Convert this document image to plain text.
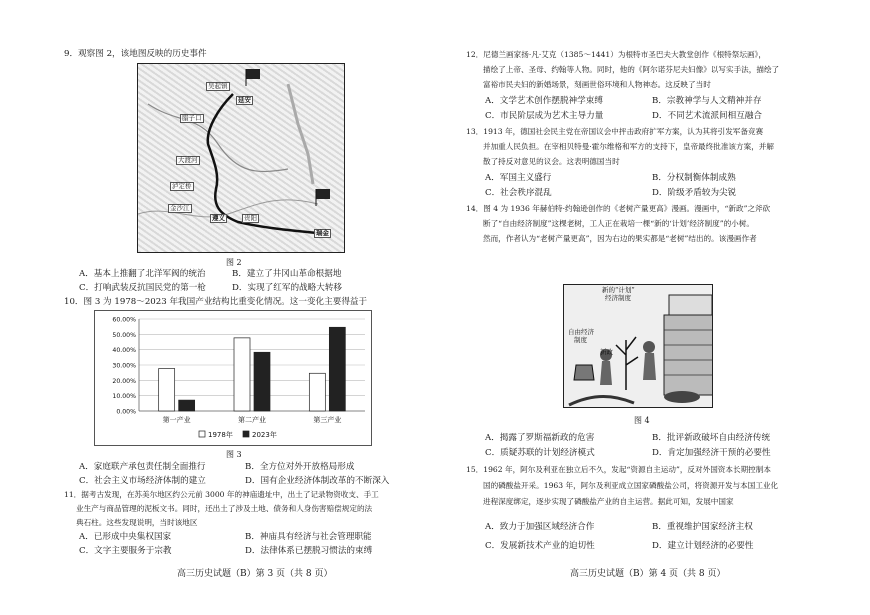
9．观察图 2，该地图反映的历史事件
吴起镇
延安
腊子口
大渡河
遵义
瑞金
贵阳
泸定桥
金沙江
图 2
A．基本上推翻了北洋军阀的统治	B．建立了井冈山革命根据地
C．打响武装反抗国民党的第一枪	D．实现了红军的战略大转移
10．图 3 为 1978～2023 年我国产业结构比重变化情况。这一变化主要得益于
0.00%
10.00%
20.00%
30.00%
40.00%
50.00%
60.00%
第一产业	第二产业	第三产业
1978年	2023年
图 3
A．家庭联产承包责任制全面推行	B．全方位对外开放格局形成
C．社会主义市场经济体制的建立	D．国有企业经济体制改革的不断深入
11．据考古发现，在苏美尔地区约公元前 3000 年的神庙遗址中，出土了记录物资收支、手工
业生产与商品管理的泥板文书。同时，还出土了涉及土地、债务和人身伤害赔偿规定的法
典石柱。这些发现说明，当时该地区
A．已形成中央集权国家	B．神庙具有经济与社会管理职能
C．文字主要服务于宗教	D．法律体系已摆脱习惯法的束缚
高三历史试题（B）第 3 页（共 8 页）
12．尼德兰画家扬·凡·艾克（1385～1441）为根特市圣巴夫大教堂创作《根特祭坛画》，
描绘了上帝、圣母、约翰等人物。同时，他的《阿尔诺芬尼夫妇像》以写实手法，描绘了
富裕市民夫妇的新婚场景，刻画世俗环境和人物神态。这反映了当时
A．文学艺术创作摆脱神学束缚	B．宗教神学与人文精神并存
C．市民阶层成为艺术主导力量	D．不同艺术流派间相互融合
13．1913 年，德国社会民主党在帝国议会中抨击政府扩军方案，认为其将引发军备竞赛
并加重人民负担。在宰相贝特曼·霍尔维格和军方的支持下，皇帝最终批准该方案，并解
散了持反对意见的议会。这表明德国当时
A．军国主义盛行	B．分权制衡体制成熟
C．社会秩序混乱	D．阶级矛盾较为尖锐
14．图 4 为 1936 年赫伯特·约翰逊创作的《老树产量更高》漫画。漫画中，“新政”之斧砍
断了“自由经济制度”这棵老树，工人正在栽培一棵“新的‘计划’经济制度”的小树。
然而，作者认为“老树产量更高”，因为右边的果实都是“老树”结出的。该漫画作者
新的“计划”
经济制度
自由经济
制度
新政
图 4
A．揭露了罗斯福新政的危害	B．批评新政破坏自由经济传统
C．质疑苏联的计划经济模式	D．肯定加强经济干预的必要性
15．1962 年，阿尔及利亚在独立后不久，发起“资源自主运动”，反对外国资本长期控制本
国的磷酸盐开采。1963 年，阿尔及利亚成立国家磷酸盐公司，将资源开发与本国工业化
进程深度绑定，逐步实现了磷酸盐产业的自主运营。据此可知，发展中国家
A．致力于加强区域经济合作	B．重视维护国家经济主权
C．发展新技术产业的迫切性	D．建立计划经济的必要性
高三历史试题（B）第 4 页（共 8 页）
